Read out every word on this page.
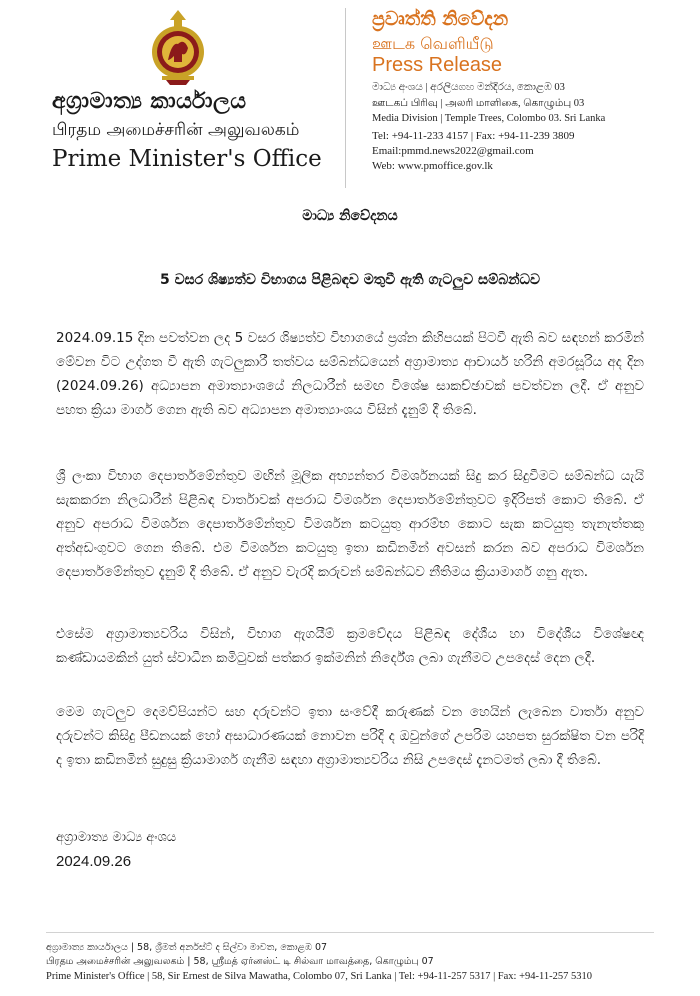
අග්‍රාමාත්‍ය කාර්යාලය
பிரதம அமைச்சரின் அலுவலகம்
Prime Minister's Office
ප්‍රවෘත්ති නිවේදන
ஊடக வெளியீடு
Press Release
මාධ්‍ය අංශය | අරලියගහ මන්දිරය, කොළඹ 03
ஊடகப் பிரிவு | அலரி மாளிகை, கொழும்பு 03
Media Division | Temple Trees, Colombo 03. Sri Lanka
Tel: +94-11-233 4157 | Fax: +94-11-239 3809
Email:pmmd.news2022@gmail.com
Web: www.pmoffice.gov.lk
මාධ්‍ය නිවේදනය
5 වසර ශිෂ්‍යත්ව විභාගය පිළිබඳව මතුවී ඇති ගැටලුව සම්බන්ධව

2024.09.15 දින පවත්වන ලද 5 වසර ශිෂ්‍යත්ව විභාගයේ ප්‍රශ්න කිහිපයක් පිටවී ඇති බව සඳහන් කරමින් මේවන විට උද්ගත වී ඇති ගැටලුකාරී තත්වය සම්බන්ධයෙන් අග්‍රාමාත්‍ය ආචාර්ය හරිනි අමරසූරිය අද දින (2024.09.26) අධ්‍යාපන අමාත්‍යාංශයේ නිලධාරීන් සමඟ විශේෂ සාකච්ඡාවක් පවත්වන ලදී. ඒ අනුව පහත ක්‍රියා මාර්ග ගෙන ඇති බව අධ්‍යාපන අමාත්‍යාංශය විසින් දැනුම් දී තිබේ.

ශ්‍රී ලංකා විභාග දෙපාර්තමේන්තුව මඟින් මූලික අභ්‍යන්තර විමර්ශනයක් සිදු කර සිදුවීමට සම්බන්ධ යැයි සැකකරන නිලධාරීන් පිළිබඳ වාර්තාවක් අපරාධ විමර්ශන දෙපාර්තමේන්තුවට ඉදිරිපත් කොට තිබේ. ඒ අනුව අපරාධ විමර්ශන දෙපාර්තමේන්තුව විමර්ශන කටයුතු ආරම්භ කොට සැක කටයුතු තැනැත්තකු අත්අඩංගුවට ගෙන තිබේ. එම විමර්ශන කටයුතු ඉතා කඩිනමින් අවසන් කරන බව අපරාධ විමර්ශන දෙපාර්තමේන්තුව දැනුම් දී තිබේ. ඒ අනුව වැරදි කරුවන් සම්බන්ධව නීතිමය ක්‍රියාමාර්ග ගනු ඇත.

එසේම අග්‍රාමාත්‍යවරිය විසින්, විභාග ඇගයීම් ක්‍රමවේදය පිළිබඳ දේශීය හා විදේශීය විශේෂඥ කණ්ඩායමකින් යුත් ස්වාධීන කමිටුවක් පත්කර ඉක්මනින් නිර්දේශ ලබා ගැනීමට උපදෙස් දෙන ලදී.

මෙම ගැටලුව දෙමව්පියන්ට සහ දරුවන්ට ඉතා සංවේදී කරුණක් වන හෙයින් ලැබෙන වාර්තා අනුව දරුවන්ට කිසිදු පීඩනයක් හෝ අසාධාරණයක් නොවන පරිදි ද ඔවුන්ගේ උපරිම යහපත සුරක්ෂිත වන පරිදි ද ඉතා කඩිනමින් සුදුසු ක්‍රියාමාර්ග ගැනීම සඳහා අග්‍රාමාත්‍යවරිය නිසි උපදෙස් දැනටමත් ලබා දී තිබේ.

අග්‍රාමාත්‍ය මාධ්‍ය අංශය
2024.09.26
අග්‍රාමාත්‍ය කාර්යාලය | 58, ශ්‍රීමත් අර්නස්ට් ද සිල්වා මාවත, කොළඹ 07
பிரதம அமைச்சரின் அலுவலகம் | 58, ஸ்ரீமத் ஏர்னஸ்ட் டி சில்வா மாவத்தை, கொழும்பு 07
Prime Minister's Office | 58, Sir Ernest de Silva Mawatha, Colombo 07, Sri Lanka | Tel: +94-11-257 5317 | Fax: +94-11-257 5310
